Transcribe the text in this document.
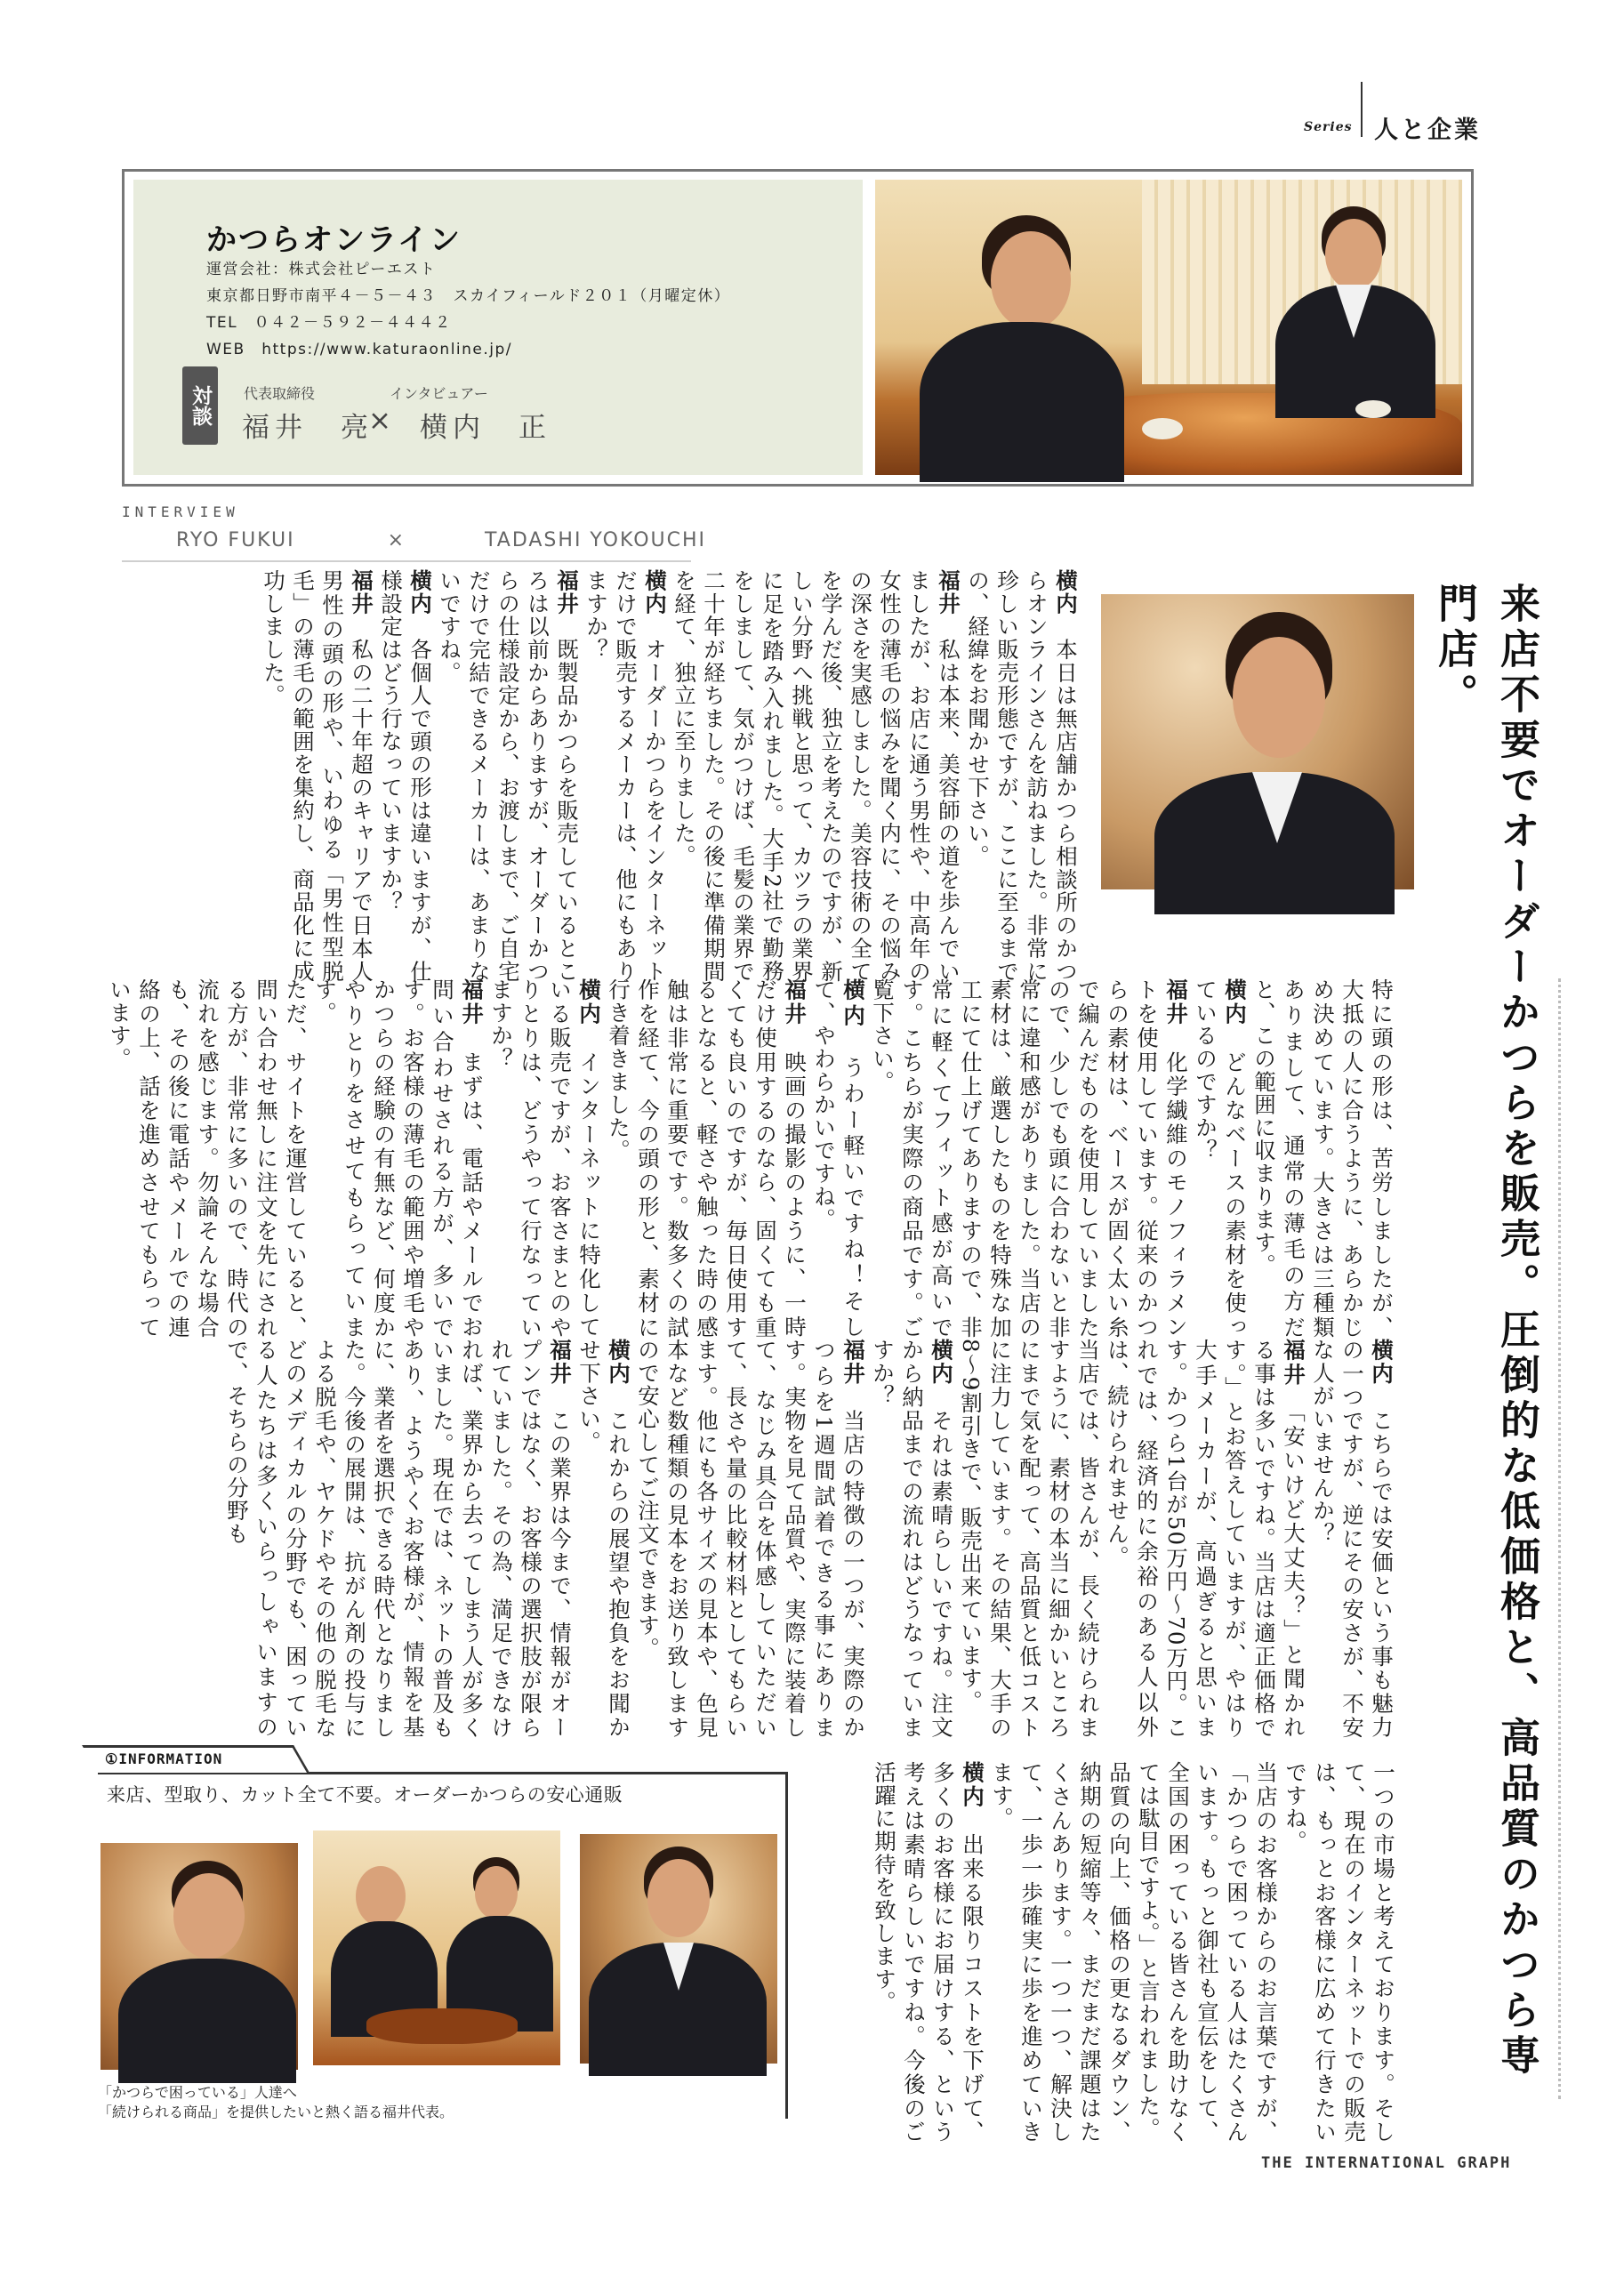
Series 人と企業
かつらオンライン
運営会社：株式会社ピーエスト
東京都日野市南平４－５－４３　スカイフィールド２０１（月曜定休）
TEL　０４２－５９２－４４４２
WEB　https://www.katuraonline.jp/
対談	代表取締役	インタビュアー
福井　亮
× 横内　正
INTERVIEW
RYO FUKUI	×	TADASHI YOKOUCHI
来店不要でオーダーかつらを販売。圧倒的な低価格と、高品質のかつら専門店。

横内　本日は無店舗かつら相談所のかつらオンラインさんを訪ねました。非常に珍しい販売形態ですが、ここに至るまでの、経緯をお聞かせ下さい。

福井　私は本来、美容師の道を歩んでいましたが、お店に通う男性や、中高年の女性の薄毛の悩みを聞く内に、その悩みの深さを実感しました。美容技術の全てを学んだ後、独立を考えたのですが、新しい分野へ挑戦と思って、カツラの業界に足を踏み入れました。大手2社で勤務をしまして、気がつけば、毛髪の業界で二十年が経ちました。その後に準備期間を経て、独立に至りました。

横内　オーダーかつらをインターネットだけで販売するメーカーは、他にもありますか？

福井　既製品かつらを販売しているところは以前からありますが、オーダーかつらの仕様設定から、お渡しまで、ご自宅だけで完結できるメーカーは、あまりないですね。

横内　各個人で頭の形は違いますが、仕様設定はどう行なっていますか？

福井　私の二十年超のキャリアで日本人男性の頭の形や、いわゆる「男性型脱毛」の薄毛の範囲を集約し、商品化に成功しました。

特に頭の形は、苦労しましたが、大抵の人に合うように、あらかじめ決めています。大きさは三種類ありまして、通常の薄毛の方だと、この範囲に収まります。

横内　どんなベースの素材を使っているのですか？

福井　化学繊維のモノフィラメントを使用しています。従来のかつらの素材は、ベースが固く太い糸で編んだものを使用していましたので、少しでも頭に合わないと非常に違和感がありました。当店の素材は、厳選したものを特殊な加工にて仕上げてありますので、非常に軽くてフィット感が高いです。こちらが実際の商品です。ご覧下さい。

横内　うわー軽いですね！そして、やわらかいですね。

福井　映画の撮影のように、一時だけ使用するのなら、固くても重くても良いのですが、毎日使用するとなると、軽さや触った時の感触は非常に重要です。数多くの試作を経て、今の頭の形と、素材に行き着きました。

横内　インターネットに特化している販売ですが、お客さまとのやりとりは、どうやって行なっていますか？

福井　まずは、電話やメールでお問い合わせされる方が、多いです。お客様の薄毛の範囲や増毛やかつらの経験の有無など、何度かやりとりをさせてもらっています。

ただ、サイトを運営していると、問い合わせ無しに注文を先にされる方が、非常に多いので、時代の流れを感じます。勿論そんな場合も、その後に電話やメールでの連絡の上、話を進めさせてもらっています。

横内　こちらでは安価という事も魅力の一つですが、逆にその安さが、不安な人がいませんか？

福井　「安いけど大丈夫？」と聞かれる事は多いですね。当店は適正価格です。」とお答えしていますが、やはり大手メーカーが、高過ぎると思います。かつら1台が50万円〜70万円。これでは、経済的に余裕のある人以外は、続けられません。

当店では、皆さんが、長く続けられますように、素材の本当に細かいところにまで気を配って、高品質と低コストに注力しています。その結果、大手の8〜9割引きで、販売出来ています。

横内　それは素晴らしいですね。注文から納品までの流れはどうなっていますか？

福井　当店の特徴の一つが、実際のかつらを1週間試着できる事にあります。実物を見て品質や、実際に装着して、なじみ具合を体感していただいて、長さや量の比較材料としてもらいます。他にも各サイズの見本や、色見本など数種類の見本をお送り致しますので安心してご注文できます。

横内　これからの展望や抱負をお聞かせ下さい。

福井　この業界は今まで、情報がオープンではなく、お客様の選択肢が限られていました。その為、満足できなければ、業界から去ってしまう人が多くいました。現在では、ネットの普及もあり、ようやくお客様が、情報を基に、業者を選択できる時代となりました。今後の展開は、抗がん剤の投与による脱毛や、ヤケドやその他の脱毛などのメディカルの分野でも、困っている人たちは多くいらっしゃいますので、そちらの分野も

一つの市場と考えております。そして、現在のインターネットでの販売は、もっとお客様に広めて行きたいですね。

当店のお客様からのお言葉ですが、「かつらで困っている人はたくさんいます。もっと御社も宣伝をして、全国の困っている皆さんを助けなくては駄目ですよ。」と言われました。

品質の向上、価格の更なるダウン、納期の短縮等々、まだまだ課題はたくさんあります。一つ一つ、解決して、一歩一歩確実に歩を進めていきます。

横内　出来る限りコストを下げて、多くのお客様にお届けする、という考えは素晴らしいですね。今後のご活躍に期待を致します。

①INFORMATION
来店、型取り、カット全て不要。オーダーかつらの安心通販
「かつらで困っている」人達へ
「続けられる商品」を提供したいと熱く語る福井代表。
THE INTERNATIONAL GRAPH
